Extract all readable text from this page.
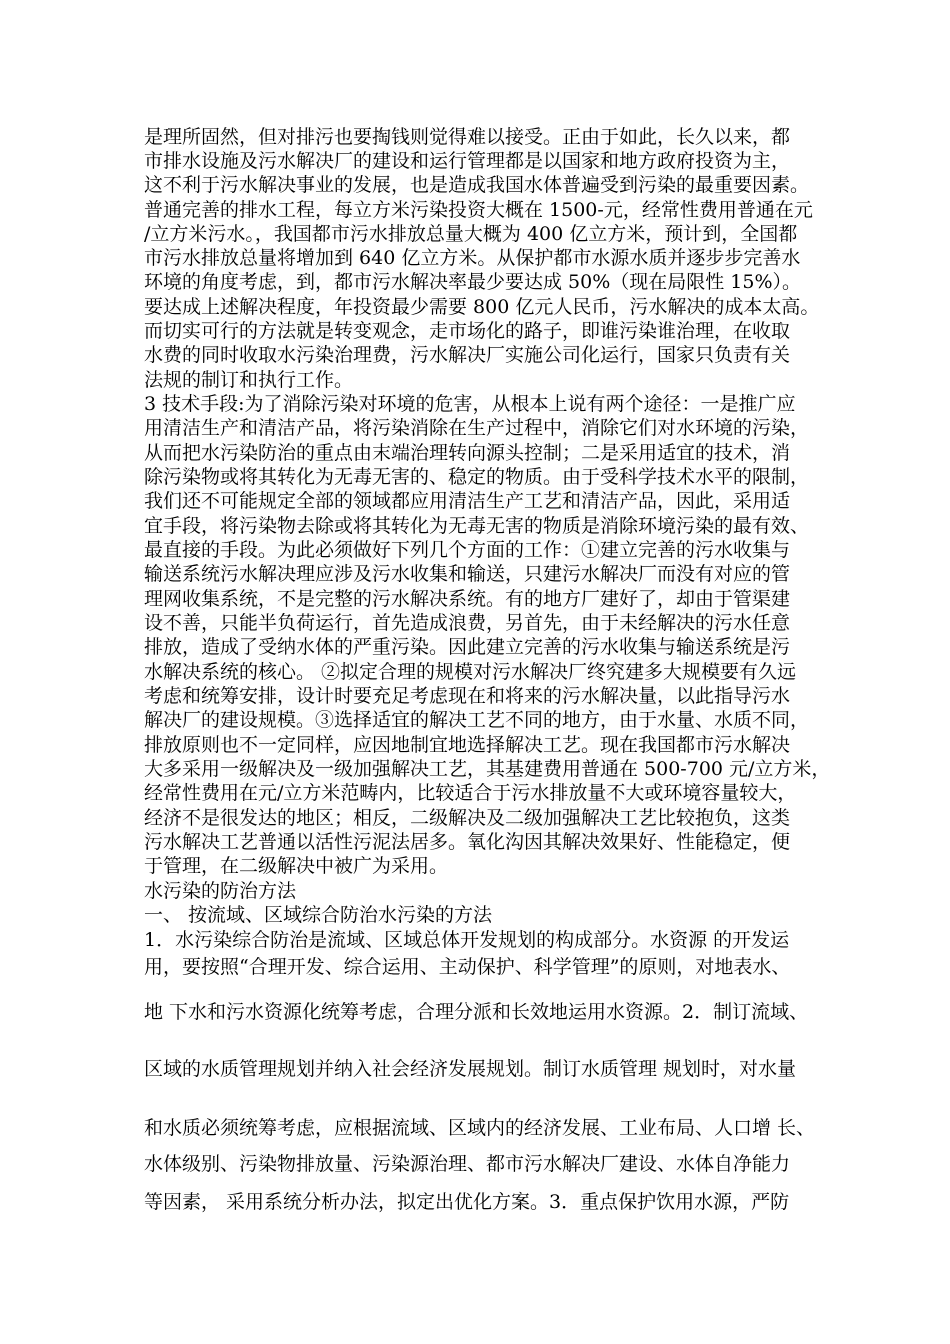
是理所固然，但对排污也要掏钱则觉得难以接受。正由于如此，长久以来，都
市排水设施及污水解决厂的建设和运行管理都是以国家和地方政府投资为主，
这不利于污水解决事业的发展，也是造成我国水体普遍受到污染的最重要因素。
普通完善的排水工程，每立方米污染投资大概在 1500-元，经常性费用普通在元
/立方米污水。，我国都市污水排放总量大概为 400 亿立方米，预计到，全国都
市污水排放总量将增加到 640 亿立方米。从保护都市水源水质并逐步步完善水
环境的角度考虑，到，都市污水解决率最少要达成 50%（现在局限性 15%）。
要达成上述解决程度，年投资最少需要 800 亿元人民币，污水解决的成本太高。
而切实可行的方法就是转变观念，走市场化的路子，即谁污染谁治理，在收取
水费的同时收取水污染治理费，污水解决厂实施公司化运行，国家只负责有关
法规的制订和执行工作。
3 技术手段:为了消除污染对环境的危害，从根本上说有两个途径：一是推广应
用清洁生产和清洁产品，将污染消除在生产过程中，消除它们对水环境的污染，
从而把水污染防治的重点由末端治理转向源头控制；二是采用适宜的技术，消
除污染物或将其转化为无毒无害的、稳定的物质。由于受科学技术水平的限制，
我们还不可能规定全部的领域都应用清洁生产工艺和清洁产品，因此，采用适
宜手段，将污染物去除或将其转化为无毒无害的物质是消除环境污染的最有效、
最直接的手段。为此必须做好下列几个方面的工作：①建立完善的污水收集与
输送系统污水解决理应涉及污水收集和输送，只建污水解决厂而没有对应的管
理网收集系统，不是完整的污水解决系统。有的地方厂建好了，却由于管渠建
设不善，只能半负荷运行，首先造成浪费，另首先，由于未经解决的污水任意
排放，造成了受纳水体的严重污染。因此建立完善的污水收集与输送系统是污
水解决系统的核心。 ②拟定合理的规模对污水解决厂终究建多大规模要有久远
考虑和统筹安排，设计时要充足考虑现在和将来的污水解决量，以此指导污水
解决厂的建设规模。③选择适宜的解决工艺不同的地方，由于水量、水质不同，
排放原则也不一定同样，应因地制宜地选择解决工艺。现在我国都市污水解决
大多采用一级解决及一级加强解决工艺，其基建费用普通在 500-700 元/立方米，
经常性费用在元/立方米范畴内，比较适合于污水排放量不大或环境容量较大，
经济不是很发达的地区；相反，二级解决及二级加强解决工艺比较抱负，这类
污水解决工艺普通以活性污泥法居多。氧化沟因其解决效果好、性能稳定，便
于管理，在二级解决中被广为采用。
水污染的防治方法
一、 按流域、区域综合防治水污染的方法
1．水污染综合防治是流域、区域总体开发规划的构成部分。水资源 的开发运
用，要按照“合理开发、综合运用、主动保护、科学管理”的原则，对地表水、
地 下水和污水资源化统筹考虑，合理分派和长效地运用水资源。2．制订流域、
区域的水质管理规划并纳入社会经济发展规划。制订水质管理 规划时，对水量
和水质必须统筹考虑，应根据流域、区域内的经济发展、工业布局、人口增 长、
水体级别、污染物排放量、污染源治理、都市污水解决厂建设、水体自净能力
等因素， 采用系统分析办法，拟定出优化方案。3．重点保护饮用水源，严防
